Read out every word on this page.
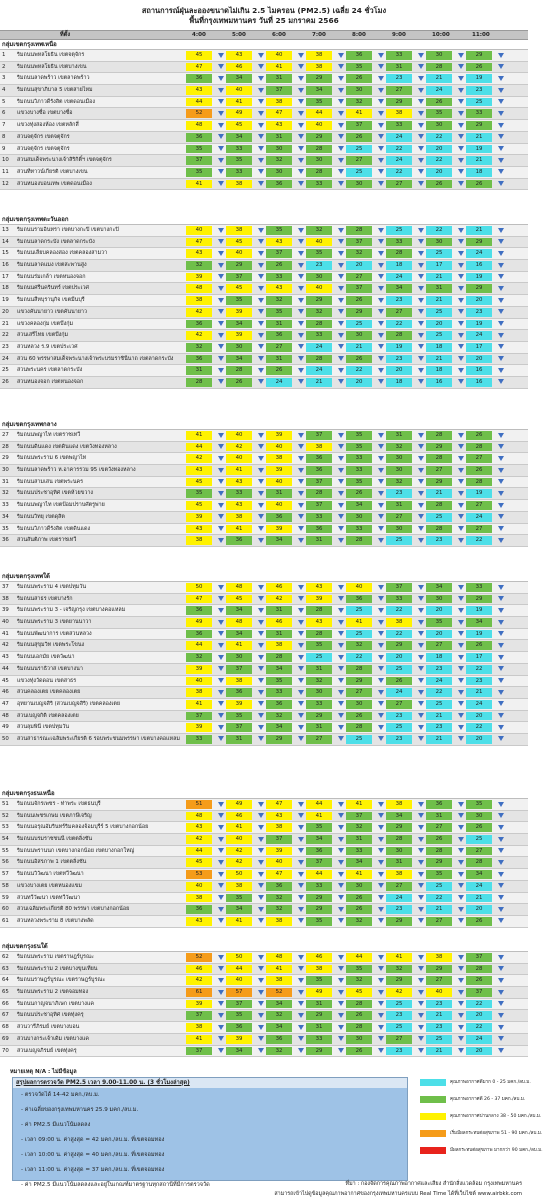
สถานการณ์ฝุ่นละอองขนาดไม่เกิน 2.5 ไมครอน (PM2.5) เฉลี่ย 24 ชั่วโมง
พื้นที่กรุงเทพมหานคร วันที่ 25 มกราคม 2566
ที่ตั้ง	4:00	5:00	6:00	7:00	8:00	9:00	10:00	11:00
กลุ่มเขตกรุงเทพเหนือ
1	ริมถนนพหลโยธิน เขตจตุจักร	45	43	40	38	36	33	30	29
2	ริมถนนพหลโยธิน เขตบางเขน	47	46	41	38	35	31	28	26
3	ริมถนนลาดพร้าว เขตลาดพร้าว	36	34	31	29	26	23	21	19
4	ริมถนนสุขาภิบาล 5 เขตสายไหม	43	40	37	34	30	27	24	23
5	ริมถนนวิภาวดีรังสิต เขตดอนเมือง	44	41	38	35	32	29	26	25
6	แขวงบางซื่อ เขตบางซื่อ	52	49	47	44	41	38	35	33
7	แขวงทุ่งสองห้อง เขตหลักสี่	48	45	43	40	37	33	30	29
8	สวนจตุจักร เขตจตุจักร	36	34	31	29	26	24	22	21
9	สวนจตุจักร เขตจตุจักร	35	33	30	28	25	22	20	19
10	สวนสมเด็จพระนางเจ้าสิริกิติ์ฯ เขตจตุจักร	37	35	32	30	27	24	22	21
11	สวนทีทาวน์เกียรติ เขตบางเขน	35	33	30	28	25	22	20	18
12	สวนหนองบอนเทพ เขตดอนเมือง	41	38	36	33	30	27	26	26
กลุ่มเขตกรุงเทพตะวันออก
13	ริมถนนรามอินทรา เขตบางกะปิ เขตบางกะปิ	40	38	35	32	28	25	22	21
14	ริมถนนลาดกระบัง เขตลาดกระบัง	47	45	43	40	37	33	30	29
15	ริมถนนเลียบคลองสอง เขตคลองสามวา	43	40	37	35	32	28	25	24
16	ริมถนนลาดแมง เขตสะพานสูง	32	29	26	23	20	18	17	16
17	ริมถนนร่มเกล้า เขตหนองจอก	39	37	33	30	27	24	21	19
18	ริมถนนศรีนครินทร์ เขตประเวศ	48	45	43	40	37	34	31	29
19	ริมถนนสีหบุรานุกิจ เขตมีนบุรี	38	35	32	29	26	23	21	20
20	แขวงคันนายาว เขตคันนายาว	42	39	35	32	29	27	25	23
21	แขวงคลองกุ่ม เขตบึงกุ่ม	36	34	31	28	25	22	20	19
22	สวนเสรีไทย เขตบึงกุ่ม	42	39	36	33	30	28	25	24
23	สวนหลวง ร.9 เขตประเวศ	32	30	27	24	21	19	18	17
24	สวน 60 พรรษาสมเด็จพระนางเจ้าพระบรมราชินีนาถ เขตลาดกระบัง	36	34	31	28	26	23	21	20
25	สวนพระนคร เขตลาดกระบัง	31	28	26	24	22	20	18	16
26	สวนหนองจอก เขตหนองจอก	28	26	24	21	20	18	16	16
กลุ่มเขตกรุงเทพกลาง
27	ริมถนนพญาไท เขตราชเทวี	41	40	39	37	35	31	28	26
28	ริมถนนดินแดง เขตดินแดง เขตวังทองหลาง	44	42	40	38	35	32	29	28
29	ริมถนนพระราม 6 เขตพญาไท	42	40	38	36	33	30	28	27
30	ริมถนนลาดพร้าว ห.อาคารรวม 95 เขตวังทองหลาง	43	41	39	36	33	30	27	26
31	ริมถนนสามเสน เขตพระนคร	45	43	40	37	35	32	29	28
32	ริมถนนประชาอุทิศ เขตห้วยขวาง	35	33	31	28	26	23	21	19
33	ริมถนนพญาไท เขตป้อมปราบศัตรูพ่าย	45	43	40	37	34	31	28	27
34	ริมถนนวิทยุ เขตดุสิต	39	38	36	33	30	27	25	24
35	ริมถนนวิภาวดีรังสิต เขตดินแดง	43	41	39	36	33	30	28	27
36	สวนสันติภาพ เขตราชเทวี	38	36	34	31	28	25	23	22
กลุ่มเขตกรุงเทพใต้
37	ริมถนนพระราม 4 เขตปทุมวัน	50	48	46	43	40	37	34	33
38	ริมถนนสาธร เขตบางรัก	47	45	42	39	36	33	30	29
39	ริมถนนพระราม 3 - เจริญกรุง เขตบางคอแหลม	36	34	31	28	25	22	20	19
40	ริมถนนพระราม 3 เขตยานนาวา	49	48	46	43	41	38	35	34
41	ริมถนนพัฒนาการ เขตสวนหลวง	36	34	31	28	25	22	20	19
42	ริมถนนสุขุมวิท เขตพระโขนง	44	41	38	35	32	29	27	26
43	ริมถนนเอกมัย เขตวัฒนา	32	30	28	25	22	20	18	17
44	ริมถนนนราธิวาส เขตบางนา	39	37	34	31	28	25	23	22
45	แขวงทุ่งวัดดอน เขตสาธร	40	38	35	32	29	26	24	23
46	สวนคลองเตย เขตคลองเตย	38	36	33	30	27	24	22	21
47	อุทยานเบญจสิริ (สวนเบญจสิริ) เขตคลองเตย	41	39	36	33	30	27	25	24
48	สวนเบญจกิติ เขตคลองเตย	37	35	32	29	26	23	21	20
49	สวนลุมพินี เขตปทุมวัน	39	37	34	31	28	25	23	22
50	สวนสาธารณะเฉลิมพระเกียรติ 6 รอบพระชนมพรรษา เขตบางคอแหลม	33	31	29	27	25	23	21	20
กลุ่มเขตกรุงธนเหนือ
51	ริมถนนจักรเพชร - ท่าพระ เขตธนบุรี	51	49	47	44	41	38	36	35
52	ริมถนนเพชรเกษม เขตภาษีเจริญ	48	46	43	41	37	34	31	30
53	ริมถนนอรุณอัมรินทร์ริมคลองจ้อมบุรีร์ 5 เขตบางกอกน้อย	43	41	38	35	32	29	27	26
54	ริมถนนบรมราชชนนี เขตตลิ่งชัน	42	40	37	34	31	28	26	25
55	ริมถนนพรานนก เขตบางกอกน้อย เขตบางกอกใหญ่	44	42	39	36	33	30	28	27
56	ริมถนนอิสรภาพ 1 เขตตลิ่งชัน	45	42	40	37	34	31	29	28
57	ริมถนนวิวัฒนา เขตทวีวัฒนา	53	50	47	44	41	38	35	34
58	แขวงบางเตย เขตหนองแขม	40	38	36	33	30	27	25	24
59	สวนทวีวัฒนา เขตทวีวัฒนา	38	35	32	29	26	24	22	21
60	สวนเฉลิมพระเกียรติ 80 พรรษา เขตบางกอกน้อย	36	34	32	29	26	23	21	20
61	สวนหลวงพระราม 8 เขตบางพลัด	43	41	38	35	32	29	27	26
กลุ่มเขตกรุงธนใต้
62	ริมถนนพระราม เขตราษฎร์บูรณะ	52	50	48	46	44	41	38	37
63	ริมถนนพระราม 2 เขตบางขุนเทียน	46	44	41	38	35	32	29	28
64	ริมถนนราษฎร์บูรณะ เขตราษฎร์บูรณะ	42	40	38	35	32	29	27	26
65	ริมถนนพระราม 2 เขตจอมทอง	61	57	52	49	45	42	40	37
66	ริมถนนกาญจนาภิเษก เขตบางแค	39	37	34	31	28	25	23	22
67	ริมถนนประชาอุทิศ เขตทุ่งครุ	37	35	32	29	26	23	21	20
68	สวนวารีภิรมย์ เขตบางบอน	38	36	34	31	28	25	23	22
69	สวนบางกระเจ้าเดิม เขตบางแค	41	39	36	33	30	27	25	24
70	สวนเบญจภิรมย์ เขตทุ่งครุ	37	34	32	29	26	23	21	20
หมายเหตุ N/A : ไม่มีข้อมูล
สรุปผลการตรวจวัด PM2.5 เวลา 9.00-11.00 น. (3 ชั่วโมงล่าสุด)
- ตรวจวัดได้ 14-42 มคก./ลบ.ม.
- ค่าเฉลี่ยของกรุงเทพมหานคร 25.9 มคก./ลบ.ม.
- ค่า PM2.5 มีแนวโน้มลดลง
- เวลา 09:00 น. ค่าสูงสุด = 42 มคก./ลบ.ม. ที่เขตจอมทอง
- เวลา 10:00 น. ค่าสูงสุด = 40 มคก./ลบ.ม. ที่เขตจอมทอง
- เวลา 11:00 น. ค่าสูงสุด = 37 มคก./ลบ.ม. ที่เขตจอมทอง
- ค่า PM2.5 มีแนวโน้มลดลงและอยู่ในเกณฑ์มาตรฐานทุกสถานีที่มีการตรวจวัด
คุณภาพอากาศดีมาก 0 - 25 มคก./ลบ.ม.
คุณภาพอากาศดี 26 - 37 มคก./ลบ.ม.
คุณภาพอากาศปานกลาง 38 - 50 มคก./ลบ.ม.
เริ่มมีผลกระทบต่อสุขภาพ 51 - 90 มคก./ลบ.ม.
มีผลกระทบต่อสุขภาพ มากกว่า 90 มคก./ลบ.ม.
ที่มา : กองจัดการคุณภาพอากาศและเสียง สำนักสิ่งแวดล้อม กรุงเทพมหานคร
สามารถเข้าไปดูข้อมูลคุณภาพอากาศของกรุงเทพมหานครแบบ Real Time ได้ที่เว็บไซต์ www.airbkk.com
